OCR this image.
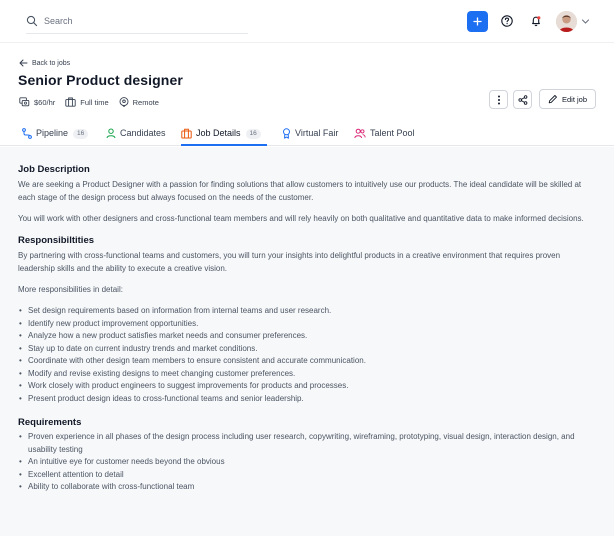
Search
Back to jobs
Senior Product designer
$60/hr	Full time	Remote	Edit job
Pipeline	16	Candidates	Job Details	16	Virtual Fair	Talent Pool
Job Description

We are seeking a Product Designer with a passion for finding solutions that allow customers to intuitively use our products. The ideal candidate will be skilled at each stage of the design process but always focused on the needs of the customer.

You will work with other designers and cross-functional team members and will rely heavily on both qualitative and quantitative data to make informed decisions.

Responsibiltities

By partnering with cross-functional teams and customers, you will turn your insights into delightful products in a creative environment that requires proven leadership skills and the ability to execute a creative vision.

More responsibilities in detail:

• Set design requirements based on information from internal teams and user research.
• Identify new product improvement opportunities.
• Analyze how a new product satisfies market needs and consumer preferences.
• Stay up to date on current industry trends and market conditions.
• Coordinate with other design team members to ensure consistent and accurate communication.
• Modify and revise existing designs to meet changing customer preferences.
• Work closely with product engineers to suggest improvements for products and processes.
• Present product design ideas to cross-functional teams and senior leadership.
Requirements
• Proven experience in all phases of the design process including user research, copywriting, wireframing, prototyping, visual design, interaction design, and usability testing
• An intuitive eye for customer needs beyond the obvious
• Excellent attention to detail
• Ability to collaborate with cross-functional team
